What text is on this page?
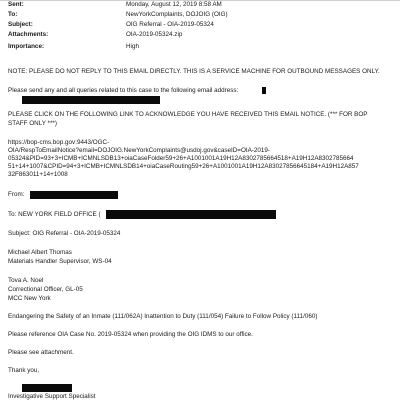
Sent:	Monday, August 12, 2019 8:58 AM
To:	NewYorkComplaints, DOJOIG (OIG)
Subject:	OIG Referral - OIA-2019-05324
Attachments:	OIA-2019-05324.zip
Importance:	High
NOTE: PLEASE DO NOT REPLY TO THIS EMAIL DIRECTLY. THIS IS A SERVICE MACHINE FOR OUTBOUND MESSAGES ONLY.
Please send any and all queries related to this case to the following email address:
PLEASE CLICK ON THE FOLLOWING LINK TO ACKNOWLEDGE YOU HAVE RECEIVED THIS EMAIL NOTICE. (*** FOR BOP
STAFF ONLY ***)
https://bop-cms.bop.gov:9443/OGC-
OIA/RespToEmailNotice?email=DOJOIG.NewYorkComplaints@usdoj.gov&caseID=OIA-2019-
05324&PID=93+3+ICMB+ICMNLSDB13+oiaCaseFolder59+26+A1001001A19H12A8302785664518+A19H12A8302785664
51+14+1007&CPID=94+3+ICMB+ICMNLSDB14+oiaCaseRouting59+26+A1001001A19H12A83027856645184+A19H12A857
32F863011+14+1008
From:
To: NEW YORK FIELD OFFICE (
Subject: OIG Referral - OIA-2019-05324
Michael Albert Thomas
Materials Handler Supervisor, WS-04
Tova A. Noel
Correctional Officer, GL-05
MCC New York
Endangering the Safety of an Inmate (111/062A) Inattention to Duty (111/054) Failure to Follow Policy (111/060)
Please reference OIA Case No. 2019-05324 when providing the OIG IDMS to our office.
Please see attachment.
Thank you,
Investigative Support Specialist
